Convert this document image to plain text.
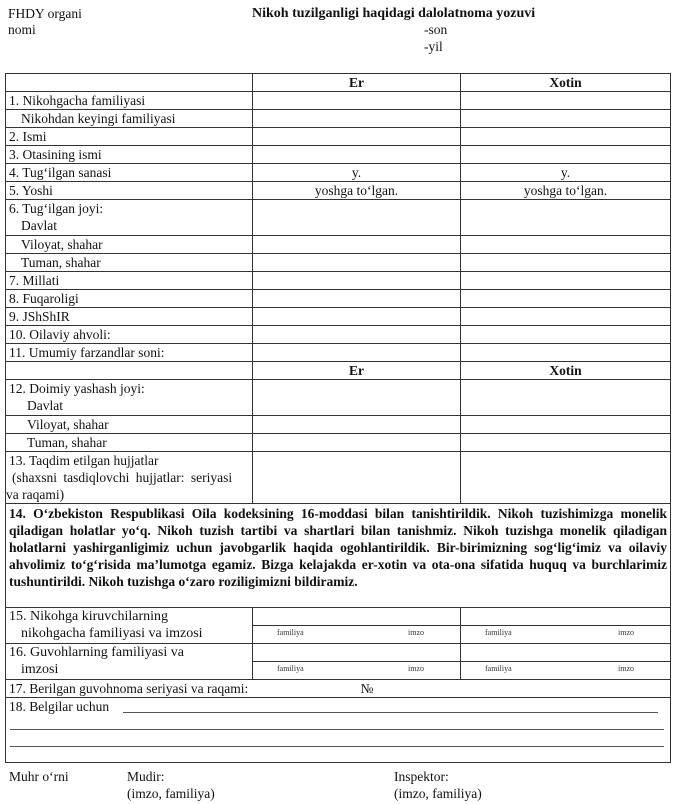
FHDY organi
nomi
Nikoh tuzilganligi haqidagi dalolatnoma yozuvi
-son
-yil
	Er	Xotin
1. Nikohgacha familiyasi		

Nikohdan keyingi familiyasi		

2. Ismi		
3. Otasining ismi		
4. Tug‘ilgan sanasi	y.	y.
5. Yoshi	yoshga to‘lgan.	yoshga to‘lgan.
6. Tug‘ilgan joyi:
Davlat		

Viloyat, shahar		

Tuman, shahar		

7. Millati		
8. Fuqaroligi		
9. JShShIR		
10. Oilaviy ahvoli:		
11. Umumiy farzandlar soni:		
	Er	Xotin
12. Doimiy yashash joyi:
Davlat		

Viloyat, shahar		

Tuman, shahar		

13. Taqdim etilgan hujjatlar
(shaxsni tasdiqlovchi hujjatlar: seriyasi
va raqami)		

14. O‘zbekiston Respublikasi Oila kodeksining 16-moddasi bilan tanishtirildik. Nikoh tuzishimizga monelik qiladigan holatlar yo‘q. Nikoh tuzish tartibi va shartlari bilan tanishmiz. Nikoh tuzishga monelik qiladigan holatlarni yashirganligimiz uchun javobgarlik haqida ogohlantirildik. Bir-birimizning sog‘lig‘imiz va oilaviy ahvolimiz to‘g‘risida ma’lumotga egamiz. Bizga kelajakda er-xotin va ota-ona sifatida huquq va burchlarimiz tushuntirildi. Nikoh tuzishga o‘zaro roziligimizni bildiramiz.		

15. Nikohga kiruvchilarning
nikohgacha familiyasi va imzosi	familiya imzo	familiya imzo

16. Guvohlarning familiyasi va
imzosi	familiya imzo	familiya imzo

17. Berilgan guvohnoma seriyasi va raqami: №		

18. Belgilar uchun		
Muhr o‘rni	Mudir:
(imzo, familiya)
Inspektor:
(imzo, familiya)
